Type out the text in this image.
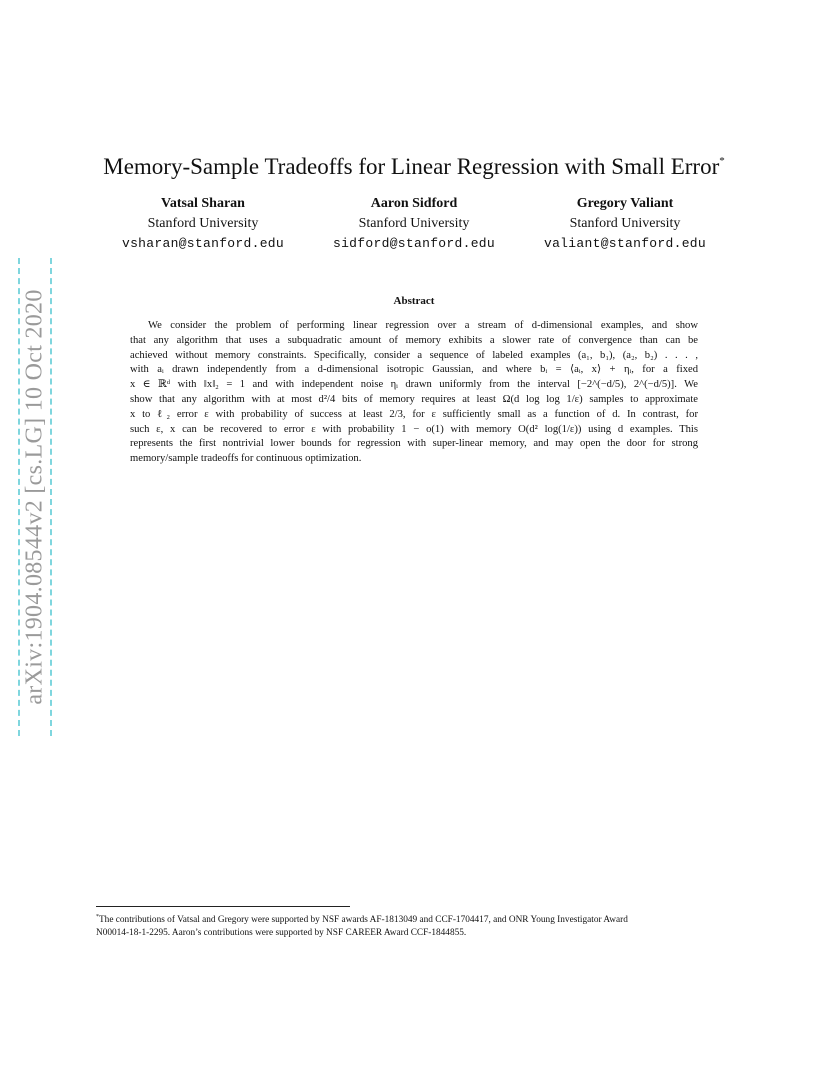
arXiv:1904.08544v2 [cs.LG] 10 Oct 2020
Memory-Sample Tradeoffs for Linear Regression with Small Error*
Vatsal Sharan
Stanford University
vsharan@stanford.edu
Aaron Sidford
Stanford University
sidford@stanford.edu
Gregory Valiant
Stanford University
valiant@stanford.edu
Abstract
We consider the problem of performing linear regression over a stream of d-dimensional examples, and show
that any algorithm that uses a subquadratic amount of memory exhibits a slower rate of convergence than can be
achieved without memory constraints. Specifically, consider a sequence of labeled examples (a₁, b₁), (a₂, b₂) . . . ,
with aᵢ drawn independently from a d-dimensional isotropic Gaussian, and where bᵢ = ⟨aᵢ, x⟩ + ηᵢ, for a fixed
x ∈ ℝᵈ with ‖x‖₂ = 1 and with independent noise ηᵢ drawn uniformly from the interval [−2^(−d/5), 2^(−d/5)]. We
show that any algorithm with at most d²/4 bits of memory requires at least Ω(d log log 1/ε) samples to approximate
x to ℓ₂ error ε with probability of success at least 2/3, for ε sufficiently small as a function of d. In contrast, for
such ε, x can be recovered to error ε with probability 1 − o(1) with memory O(d² log(1/ε)) using d examples. This
represents the first nontrivial lower bounds for regression with super-linear memory, and may open the door for strong
memory/sample tradeoffs for continuous optimization.
*The contributions of Vatsal and Gregory were supported by NSF awards AF-1813049 and CCF-1704417, and ONR Young Investigator Award
N00014-18-1-2295. Aaron’s contributions were supported by NSF CAREER Award CCF-1844855.
